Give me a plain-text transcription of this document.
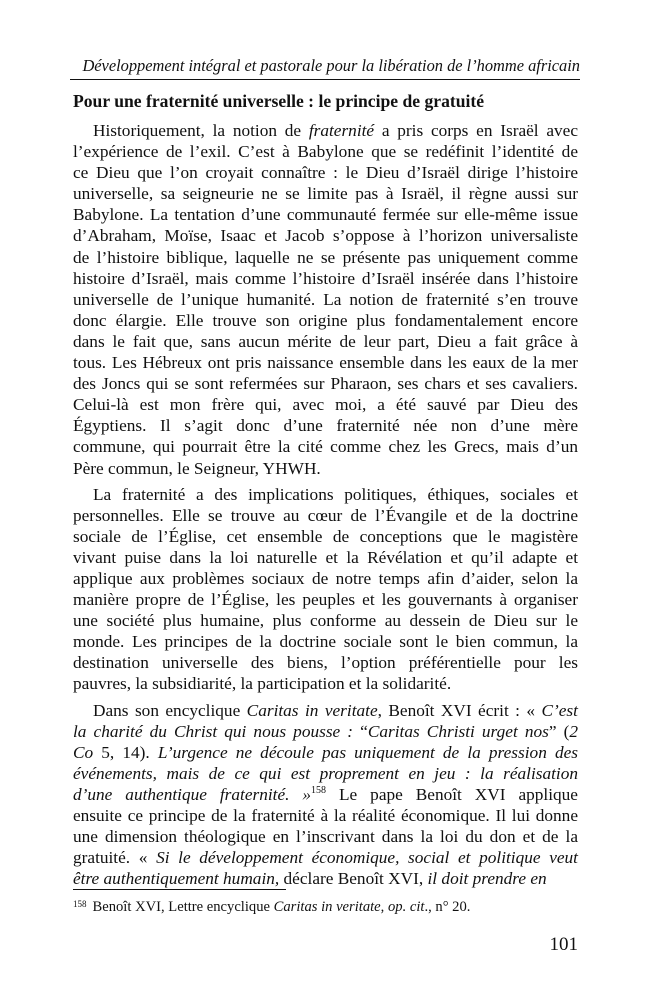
Développement intégral et pastorale pour la libération de l’homme africain
Pour une fraternité universelle : le principe de gratuité

Historiquement, la notion de fraternité a pris corps en Israël avec
l’expérience de l’exil. C’est à Babylone que se redéfinit l’identité de
ce Dieu que l’on croyait connaître : le Dieu d’Israël dirige l’histoire
universelle, sa seigneurie ne se limite pas à Israël, il règne aussi sur
Babylone. La tentation d’une communauté fermée sur elle-même issue
d’Abraham, Moïse, Isaac et Jacob s’oppose à l’horizon universaliste
de l’histoire biblique, laquelle ne se présente pas uniquement comme
histoire d’Israël, mais comme l’histoire d’Israël insérée dans l’histoire
universelle de l’unique humanité. La notion de fraternité s’en trouve
donc élargie. Elle trouve son origine plus fondamentalement encore
dans le fait que, sans aucun mérite de leur part, Dieu a fait grâce à
tous. Les Hébreux ont pris naissance ensemble dans les eaux de la mer
des Joncs qui se sont refermées sur Pharaon, ses chars et ses cavaliers.
Celui-là est mon frère qui, avec moi, a été sauvé par Dieu des
Égyptiens. Il s’agit donc d’une fraternité née non d’une mère
commune, qui pourrait être la cité comme chez les Grecs, mais d’un
Père commun, le Seigneur, YHWH.

La fraternité a des implications politiques, éthiques, sociales et
personnelles. Elle se trouve au cœur de l’Évangile et de la doctrine
sociale de l’Église, cet ensemble de conceptions que le magistère
vivant puise dans la loi naturelle et la Révélation et qu’il adapte et
applique aux problèmes sociaux de notre temps afin d’aider, selon la
manière propre de l’Église, les peuples et les gouvernants à organiser
une société plus humaine, plus conforme au dessein de Dieu sur le
monde. Les principes de la doctrine sociale sont le bien commun, la
destination universelle des biens, l’option préférentielle pour les
pauvres, la subsidiarité, la participation et la solidarité.

Dans son encyclique Caritas in veritate, Benoît XVI écrit : « C’est
la charité du Christ qui nous pousse : “Caritas Christi urget nos” (2
Co 5, 14). L’urgence ne découle pas uniquement de la pression des
événements, mais de ce qui est proprement en jeu : la réalisation
d’une authentique fraternité. »$^{158}$ Le pape Benoît XVI applique
ensuite ce principe de la fraternité à la réalité économique. Il lui donne
une dimension théologique en l’inscrivant dans la loi du don et de la
gratuité. « Si le développement économique, social et politique veut
être authentiquement humain, déclare Benoît XVI, il doit prendre en

$^{158}$ Benoît XVI, Lettre encyclique Caritas in veritate, op. cit., n° 20.
101
